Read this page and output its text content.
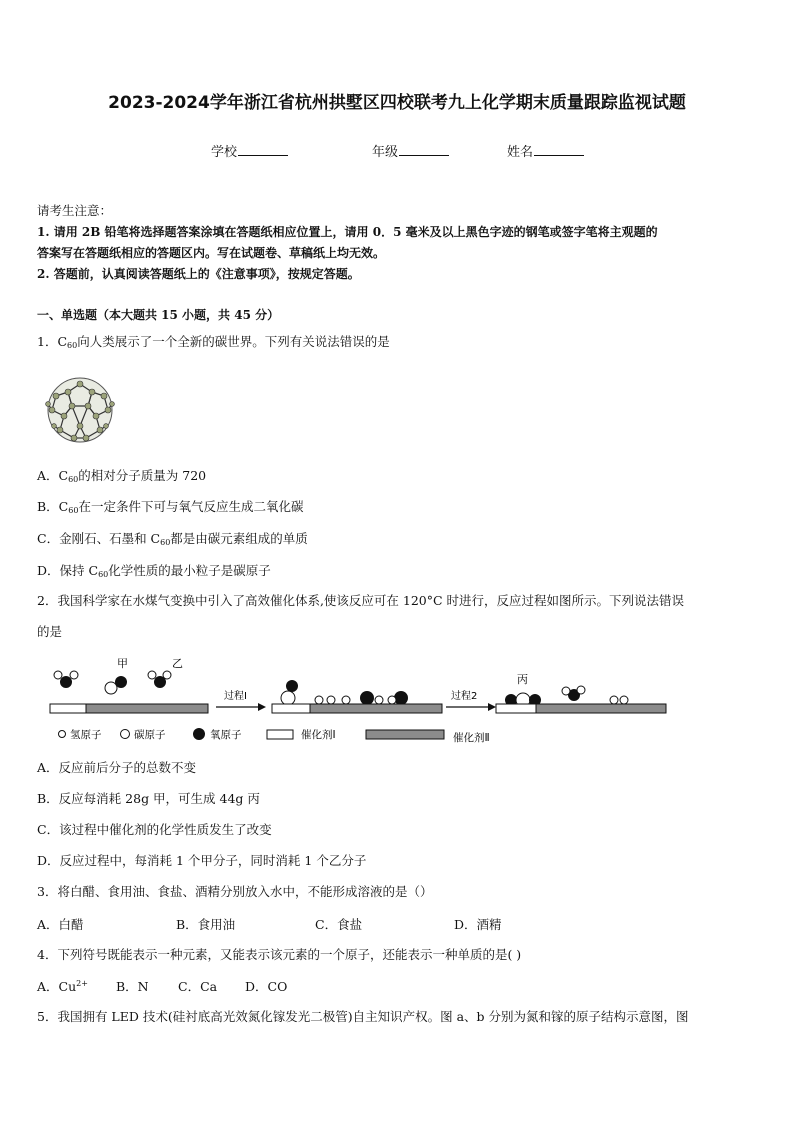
2023-2024学年浙江省杭州拱墅区四校联考九上化学期末质量跟踪监视试题
学校	年级	姓名
请考生注意：
1. 请用 2B 铅笔将选择题答案涂填在答题纸相应位置上，请用 0．5 毫米及以上黑色字迹的钢笔或签字笔将主观题的
答案写在答题纸相应的答题区内。写在试题卷、草稿纸上均无效。
2. 答题前，认真阅读答题纸上的《注意事项》，按规定答题。
一、单选题（本大题共 15 小题，共 45 分）
1．$C_{60}$向人类展示了一个全新的碳世界。下列有关说法错误的是
A．$C_{60}$的相对分子质量为 720
B．$C_{60}$在一定条件下可与氧气反应生成二氧化碳
C．金刚石、石墨和 $C_{60}$都是由碳元素组成的单质
D．保持 $C_{60}$化学性质的最小粒子是碳原子
2．我国科学家在水煤气变换中引入了高效催化体系,使该反应可在 120°C 时进行，反应过程如图所示。下列说法错误
的是
甲	乙
过程Ⅰ	过程2
丙
氢原子	碳原子	氧原子	催化剂Ⅰ	催化剂Ⅱ
A．反应前后分子的总数不变
B．反应每消耗 28g 甲，可生成 44g 丙
C．该过程中催化剂的化学性质发生了改变
D．反应过程中，每消耗 1 个甲分子，同时消耗 1 个乙分子
3．将白醋、食用油、食盐、酒精分别放入水中，不能形成溶液的是（）
A．白醋	B．食用油	C．食盐	D．酒精
4．下列符号既能表示一种元素，又能表示该元素的一个原子，还能表示一种单质的是( )
A．$Cu^{2+}$ B．N C．Ca D．CO
5．我国拥有 LED 技术(硅衬底高光效氮化镓发光二极管)自主知识产权。图 a、b 分别为氮和镓的原子结构示意图，图
